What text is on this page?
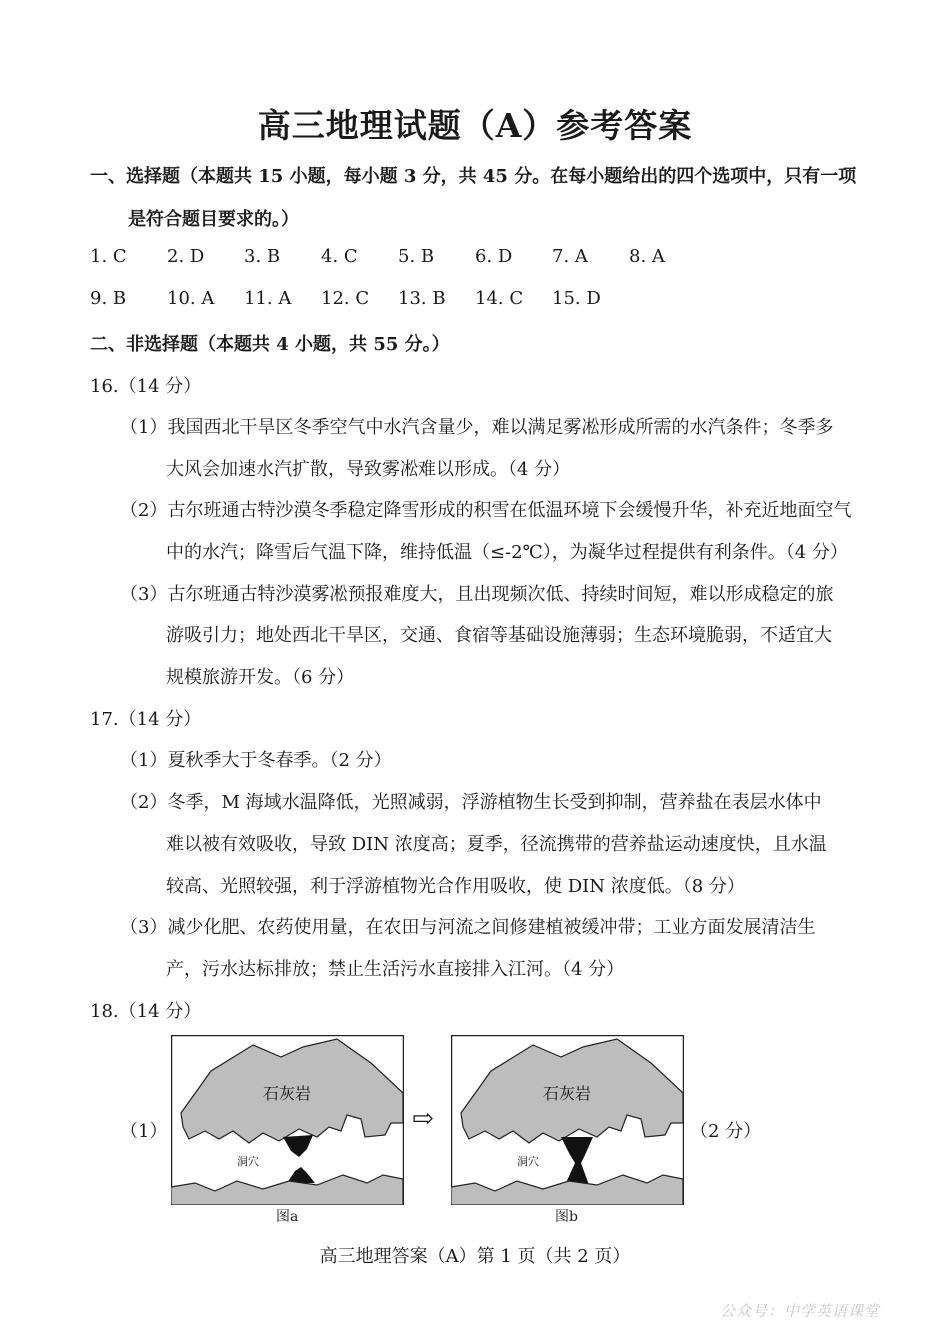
高三地理试题（A）参考答案
一、选择题（本题共 15 小题，每小题 3 分，共 45 分。在每小题给出的四个选项中，只有一项
是符合题目要求的。）
1. C 2. D 3. B 4. C 5. B 6. D 7. A 8. A
9. B 10. A 11. A 12. C 13. B 14. C 15. D
二、非选择题（本题共 4 小题，共 55 分。）
16.（14 分）
（1）我国西北干旱区冬季空气中水汽含量少，难以满足雾凇形成所需的水汽条件；冬季多
大风会加速水汽扩散，导致雾凇难以形成。（4 分）
（2）古尔班通古特沙漠冬季稳定降雪形成的积雪在低温环境下会缓慢升华，补充近地面空气
中的水汽；降雪后气温下降，维持低温（≤-2℃），为凝华过程提供有利条件。（4 分）
（3）古尔班通古特沙漠雾凇预报难度大，且出现频次低、持续时间短，难以形成稳定的旅
游吸引力；地处西北干旱区，交通、食宿等基础设施薄弱；生态环境脆弱，不适宜大
规模旅游开发。（6 分）
17.（14 分）
（1）夏秋季大于冬春季。（2 分）
（2）冬季，M 海域水温降低，光照减弱，浮游植物生长受到抑制，营养盐在表层水体中
难以被有效吸收，导致 DIN 浓度高；夏季，径流携带的营养盐运动速度快，且水温
较高、光照较强，利于浮游植物光合作用吸收，使 DIN 浓度低。（8 分）
（3）减少化肥、农药使用量，在农田与河流之间修建植被缓冲带；工业方面发展清洁生
产，污水达标排放；禁止生活污水直接排入江河。（4 分）
18.（14 分）
（1）	（2 分）
石灰岩
洞穴
图a
⇨
石灰岩
洞穴
图b
高三地理答案（A）第 1 页（共 2 页）
公众号：中学英语课堂
